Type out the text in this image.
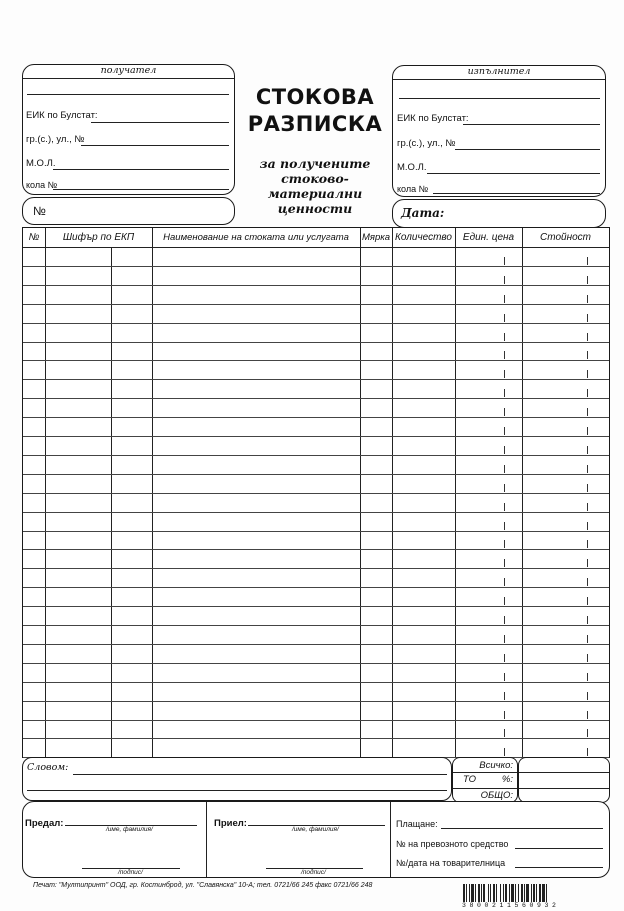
получател
ЕИК по Булстат:
гр.(с.), ул., №
М.О.Л.
кола №
№
СТОКОВА
РАЗПИСКА
за получените
стоково-материални
ценности
изпълнител
ЕИК по Булстат:
гр.(с.), ул., №
М.О.Л.
кола №
Дата:
№	Шифър по ЕКП	Наименование на стоката или услугата	Мярка Количество	Един. цена	Стойност
Словом:	Всичко:
ТО	%:
ОБЩО:
Предал:
/име, фамилия/
/подпис/
Приел:
/име, фамилия/
/подпис/
Плащане:
№ на превозното средство
№/дата на товарителница
Печат: "Мултипринт" ООД, гр. Костинброд, ул. "Славянска" 10-А; тел. 0721/66 245 факс 0721/66 248
3800211560932
